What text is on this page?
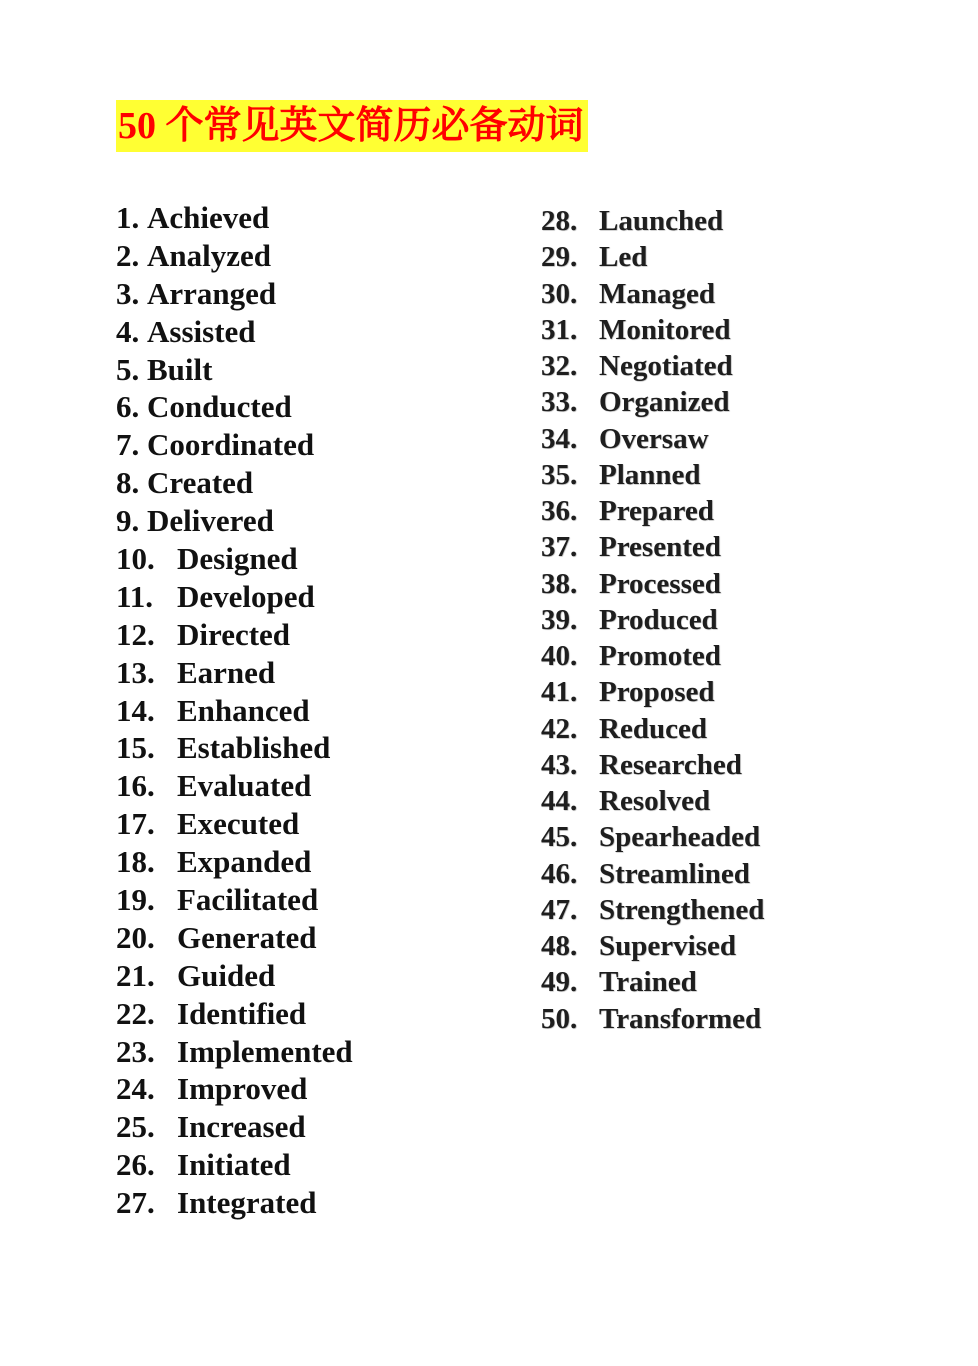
50 个常见英文简历必备动词
1. Achieved
2. Analyzed
3. Arranged
4. Assisted
5. Built
6. Conducted
7. Coordinated
8. Created
9. Delivered
10. Designed
11. Developed
12. Directed
13. Earned
14. Enhanced
15. Established
16. Evaluated
17. Executed
18. Expanded
19. Facilitated
20. Generated
21. Guided
22. Identified
23. Implemented
24. Improved
25. Increased
26. Initiated
27. Integrated
28. Launched
29. Led
30. Managed
31. Monitored
32. Negotiated
33. Organized
34. Oversaw
35. Planned
36. Prepared
37. Presented
38. Processed
39. Produced
40. Promoted
41. Proposed
42. Reduced
43. Researched
44. Resolved
45. Spearheaded
46. Streamlined
47. Strengthened
48. Supervised
49. Trained
50. Transformed
